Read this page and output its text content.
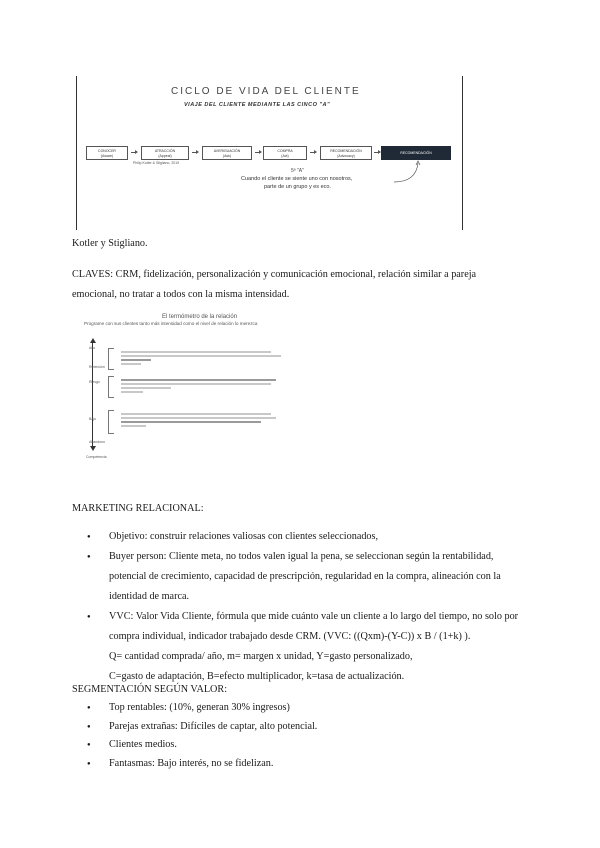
CICLO DE VIDA DEL CLIENTE
VIAJE DEL CLIENTE MEDIANTE LAS CINCO "A"
CONOCER
(Aware)
ATRACCIÓN
(Appeal)
AVERIGUACIÓN
(Ask)
COMPRA
(Act)
RECOMENDACIÓN
(Advocacy)
RECOMENDACIÓN
Philip Kotler & Stigliano, 2019
5ª "A"
Cuando el cliente se siente uno con nosotros,
parte de un grupo y es eco.

Kotler y Stigliano.

CLAVES: CRM, fidelización, personalización y comunicación emocional, relación similar a pareja emocional, no tratar a todos con la misma intensidad.

El termómetro de la relación
Programe con sus clientes tanto más intensidad como el nivel de relación lo merezca
Alto
Retención
Riesgo
Bajo
Abandono
Competencia

MARKETING RELACIONAL:

● Objetivo: construir relaciones valiosas con clientes seleccionados,
● Buyer person: Cliente meta, no todos valen igual la pena, se seleccionan según la rentabilidad, potencial de crecimiento, capacidad de prescripción, regularidad en la compra, alineación con la identidad de marca.
● VVC: Valor Vida Cliente, fórmula que mide cuánto vale un cliente a lo largo del tiempo, no solo por compra individual, indicador trabajado desde CRM. (VVC: ((Qxm)-(Y-C)) x B / (1+k) ).
Q= cantidad comprada/ año, m= margen x unidad, Y=gasto personalizado,
C=gasto de adaptación, B=efecto multiplicador, k=tasa de actualización.

SEGMENTACIÓN SEGÚN VALOR:

● Top rentables: (10%, generan 30% ingresos)
● Parejas extrañas: Difíciles de captar, alto potencial.
● Clientes medios.
● Fantasmas: Bajo interés, no se fidelizan.
